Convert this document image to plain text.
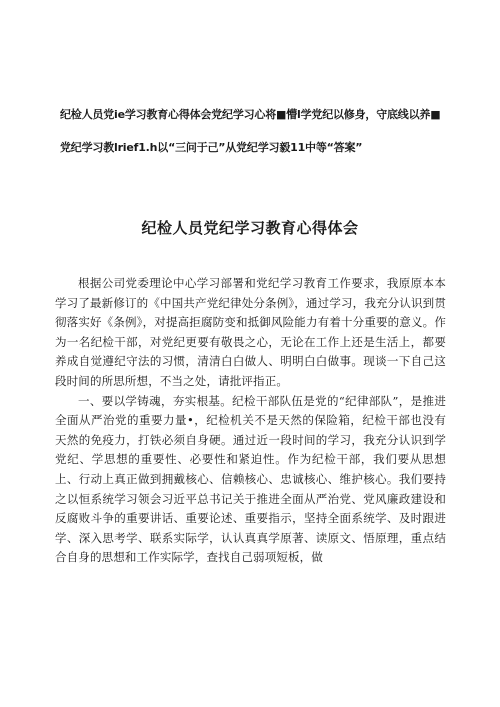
纪检人员党ie学习教育心得体会党纪学习心将■懵l学党纪以修身，守底线以养■
党纪学习教lrief1.h以“三问于己”从党纪学习毅11中等“答案”
纪检人员党纪学习教育心得体会

根据公司党委理论中心学习部署和党纪学习教育工作要求，我原原本本学习了最新修订的《中国共产党纪律处分条例》，通过学习，我充分认识到贯彻落实好《条例》，对提高拒腐防变和抵御风险能力有着十分重要的意义。作为一名纪检干部，对党纪更要有敬畏之心，无论在工作上还是生活上，都要养成自觉遵纪守法的习惯，清清白白做人、明明白白做事。现谈一下自己这段时间的所思所想，不当之处，请批评指正。

一、要以学铸魂，夯实根基。纪检干部队伍是党的“纪律部队”，是推进全面从严治党的重要力量•，纪检机关不是天然的保险箱，纪检干部也没有天然的免疫力，打铁必须自身硬。通过近一段时间的学习，我充分认识到学党纪、学思想的重要性、必要性和紧迫性。作为纪检干部，我们要从思想上、行动上真正做到拥戴核心、信赖核心、忠诚核心、维护核心。我们要持之以恒系统学习领会习近平总书记关于推进全面从严治党、党风廉政建设和反腐败斗争的重要讲话、重要论述、重要指示，坚持全面系统学、及时跟进学、深入思考学、联系实际学，认认真真学原著、读原文、悟原理，重点结合自身的思想和工作实际学，查找自己弱项短板，做
